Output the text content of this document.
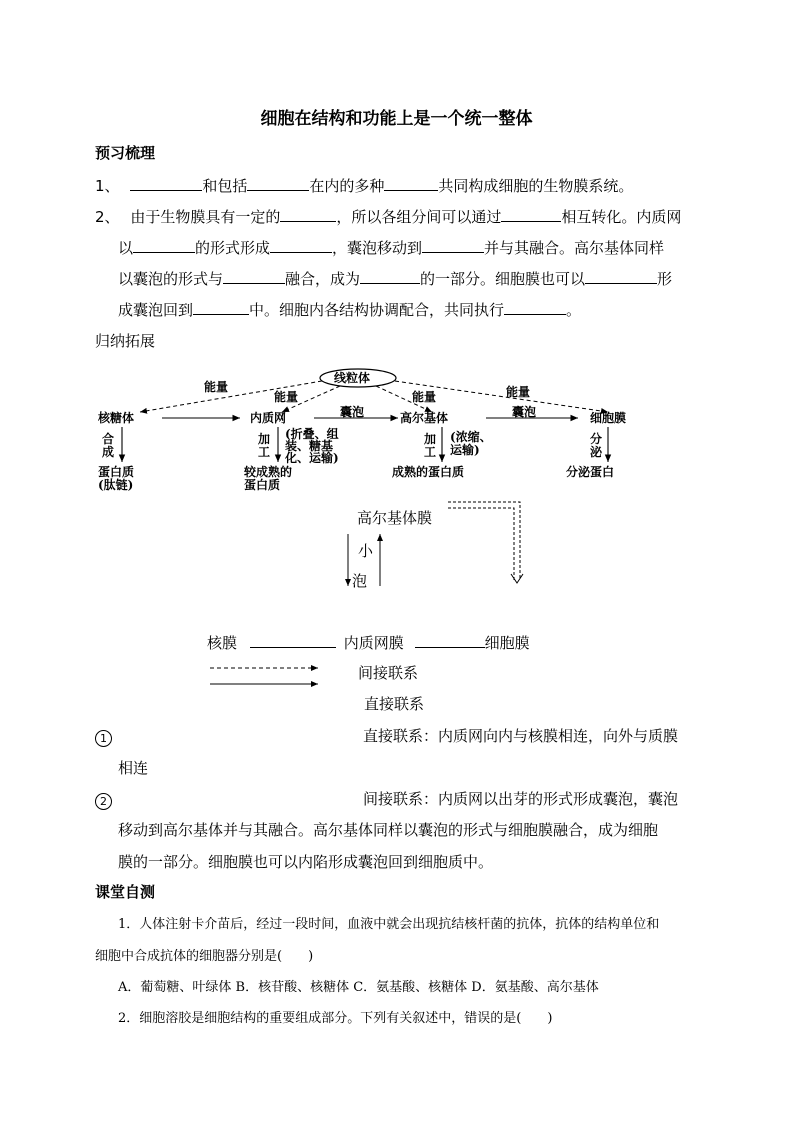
细胞在结构和功能上是一个统一整体
预习梳理
1、	和包括	在内的多种	共同构成细胞的生物膜系统。
2、 由于生物膜具有一定的	，所以各组分间可以通过	相互转化。内质网
以	的形式形成	，囊泡移动到	并与其融合。高尔基体同样
以囊泡的形式与	融合，成为	的一部分。细胞膜也可以	形
成囊泡回到	中。细胞内各结构协调配合，共同执行	。
归纳拓展
线粒体
能量
能量	能量	能量
核糖体	内质网	高尔基体	细胞膜
囊泡	囊泡
合
成
加
工
加
工
分
泌
(折叠、组
装、糖基
化、运输)
(浓缩、
运输)
蛋白质
(肽链)
较成熟的
蛋白质
成熟的蛋白质	分泌蛋白
高尔基体膜
小
泡
核膜	内质网膜	细胞膜
间接联系
直接联系
1	直接联系：内质网向内与核膜相连，向外与质膜
相连
2	间接联系：内质网以出芽的形式形成囊泡，囊泡
移动到高尔基体并与其融合。高尔基体同样以囊泡的形式与细胞膜融合，成为细胞
膜的一部分。细胞膜也可以内陷形成囊泡回到细胞质中。
课堂自测
1．人体注射卡介苗后，经过一段时间，血液中就会出现抗结核杆菌的抗体，抗体的结构单位和
细胞中合成抗体的细胞器分别是(　　)
A．葡萄糖、叶绿体 B．核苷酸、核糖体 C．氨基酸、核糖体 D．氨基酸、高尔基体
2．细胞溶胶是细胞结构的重要组成部分。下列有关叙述中，错误的是(　　)
